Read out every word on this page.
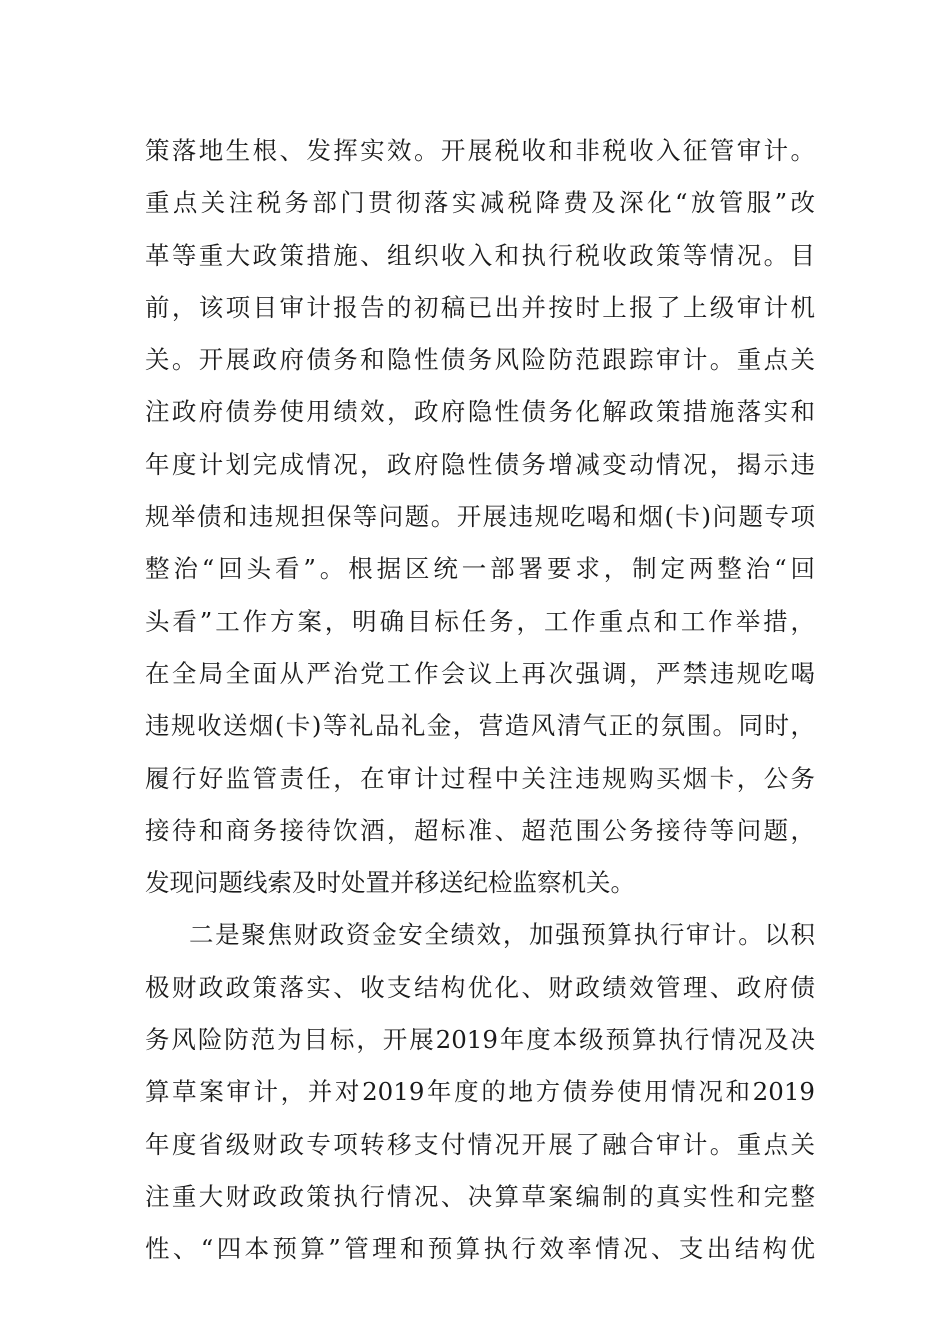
策落地生根、发挥实效。开展税收和非税收入征管审计。
重点关注税务部门贯彻落实减税降费及深化“放管服”改
革等重大政策措施、组织收入和执行税收政策等情况。目
前，该项目审计报告的初稿已出并按时上报了上级审计机
关。开展政府债务和隐性债务风险防范跟踪审计。重点关
注政府债券使用绩效，政府隐性债务化解政策措施落实和
年度计划完成情况，政府隐性债务增减变动情况，揭示违
规举债和违规担保等问题。开展违规吃喝和烟(卡)问题专项
整治“回头看”。根据区统一部署要求，制定两整治“回
头看”工作方案，明确目标任务，工作重点和工作举措，
在全局全面从严治党工作会议上再次强调，严禁违规吃喝
违规收送烟(卡)等礼品礼金，营造风清气正的氛围。同时，
履行好监管责任，在审计过程中关注违规购买烟卡，公务
接待和商务接待饮酒，超标准、超范围公务接待等问题，
发现问题线索及时处置并移送纪检监察机关。
二是聚焦财政资金安全绩效，加强预算执行审计。以积
极财政政策落实、收支结构优化、财政绩效管理、政府债
务风险防范为目标，开展2019年度本级预算执行情况及决
算草案审计，并对2019年度的地方债券使用情况和2019
年度省级财政专项转移支付情况开展了融合审计。重点关
注重大财政政策执行情况、决算草案编制的真实性和完整
性、“四本预算”管理和预算执行效率情况、支出结构优
